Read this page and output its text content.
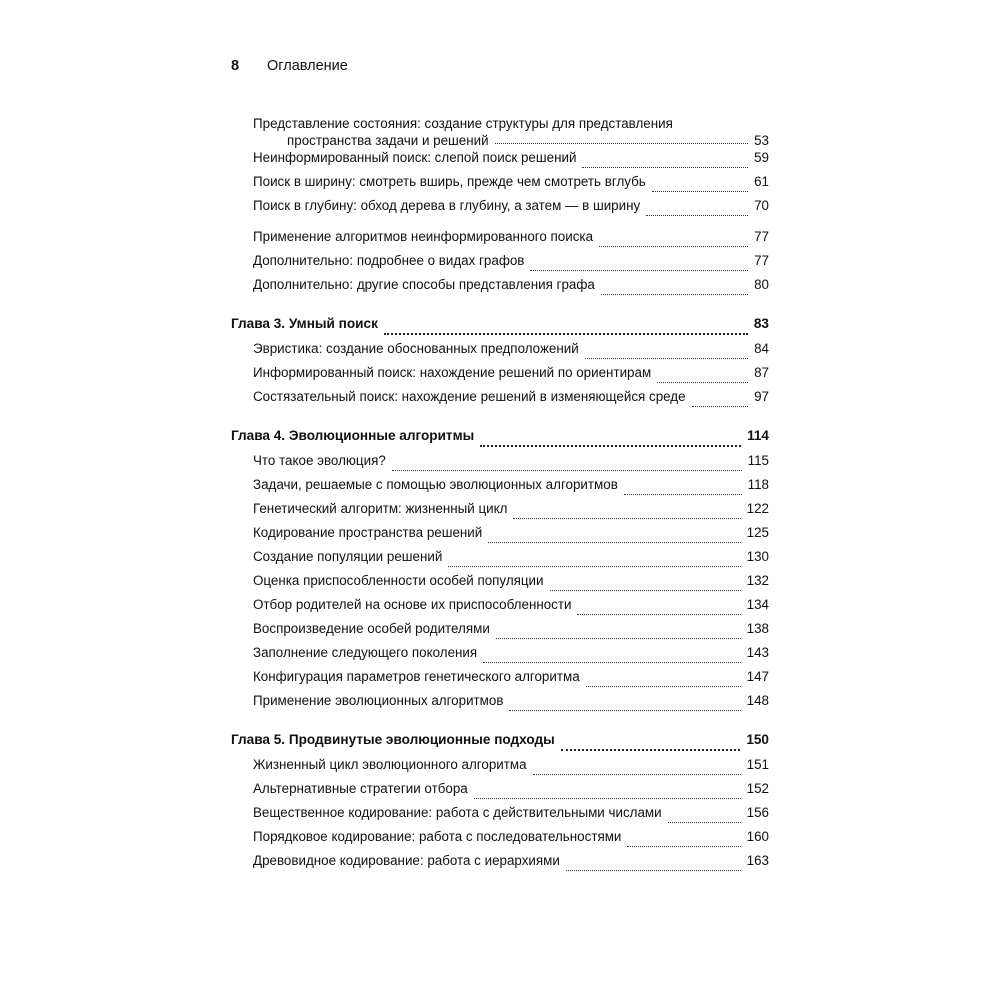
8	Оглавление
Представление состояния: создание структуры для представления
пространства задачи и решений	53
Неинформированный поиск: слепой поиск решений	59
Поиск в ширину: смотреть вширь, прежде чем смотреть вглубь	61
Поиск в глубину: обход дерева в глубину, а затем — в ширину	70
Применение алгоритмов неинформированного поиска	77
Дополнительно: подробнее о видах графов	77
Дополнительно: другие способы представления графа	80
Глава 3. Умный поиск	83
Эвристика: создание обоснованных предположений	84
Информированный поиск: нахождение решений по ориентирам	87
Состязательный поиск: нахождение решений в изменяющейся среде	97
Глава 4. Эволюционные алгоритмы	114
Что такое эволюция?	115
Задачи, решаемые с помощью эволюционных алгоритмов	118
Генетический алгоритм: жизненный цикл	122
Кодирование пространства решений	125
Создание популяции решений	130
Оценка приспособленности особей популяции	132
Отбор родителей на основе их приспособленности	134
Воспроизведение особей родителями	138
Заполнение следующего поколения	143
Конфигурация параметров генетического алгоритма	147
Применение эволюционных алгоритмов	148
Глава 5. Продвинутые эволюционные подходы	150
Жизненный цикл эволюционного алгоритма	151
Альтернативные стратегии отбора	152
Вещественное кодирование: работа с действительными числами	156
Порядковое кодирование: работа с последовательностями	160
Древовидное кодирование: работа с иерархиями	163
